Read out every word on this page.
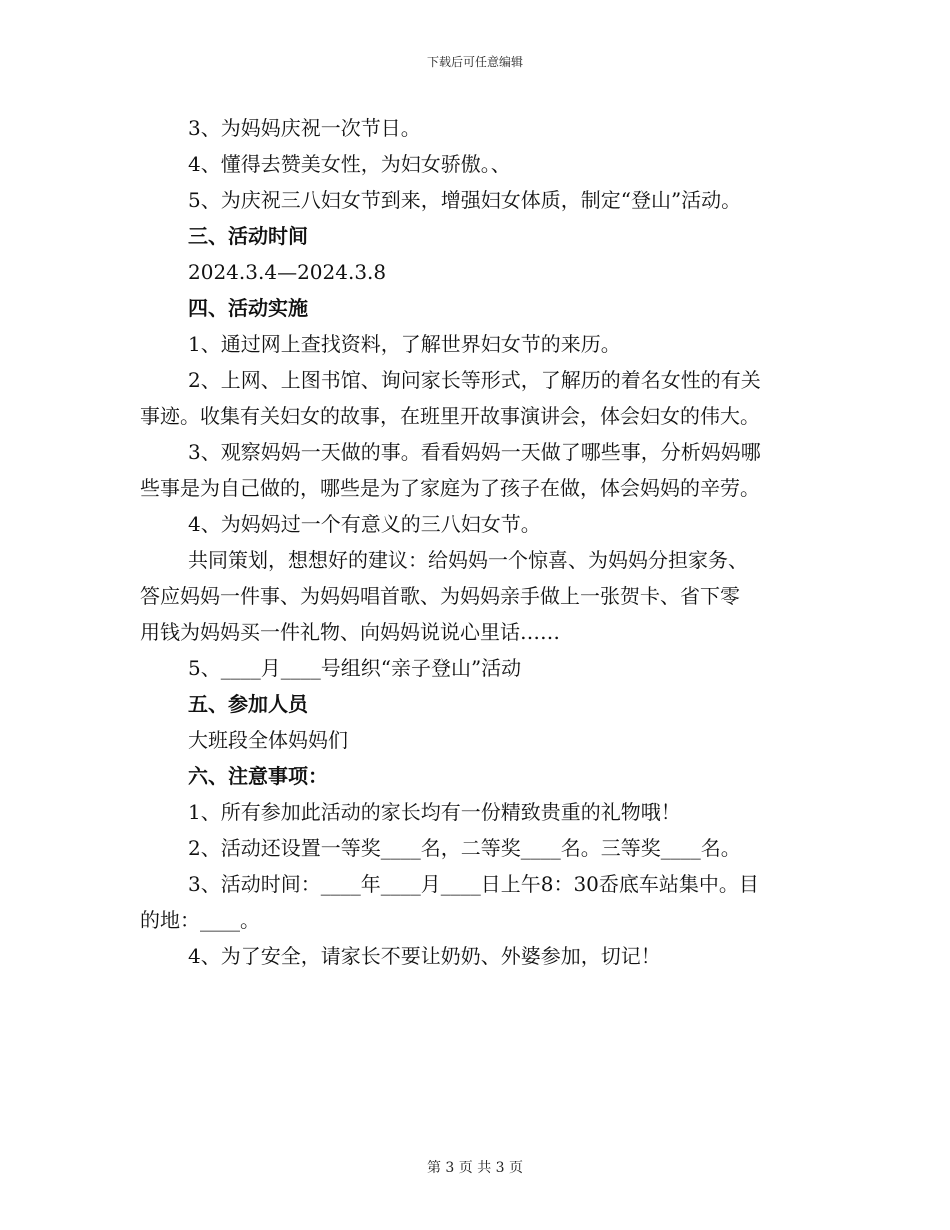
下载后可任意编辑

3、为妈妈庆祝一次节日。

4、懂得去赞美女性，为妇女骄傲。、

5、为庆祝三八妇女节到来，增强妇女体质，制定“登山”活动。

三、活动时间

2024.3.4—2024.3.8

四、活动实施

1、通过网上查找资料，了解世界妇女节的来历。

2、上网、上图书馆、询问家长等形式，了解历的着名女性的有关

事迹。收集有关妇女的故事，在班里开故事演讲会，体会妇女的伟大。

3、观察妈妈一天做的事。看看妈妈一天做了哪些事，分析妈妈哪

些事是为自己做的，哪些是为了家庭为了孩子在做，体会妈妈的辛劳。

4、为妈妈过一个有意义的三八妇女节。

共同策划，想想好的建议：给妈妈一个惊喜、为妈妈分担家务、

答应妈妈一件事、为妈妈唱首歌、为妈妈亲手做上一张贺卡、省下零

用钱为妈妈买一件礼物、向妈妈说说心里话……

5、____月____号组织“亲子登山”活动

五、参加人员

大班段全体妈妈们

六、注意事项：

1、所有参加此活动的家长均有一份精致贵重的礼物哦！

2、活动还设置一等奖____名，二等奖____名。三等奖____名。

3、活动时间：____年____月____日上午8：30岙底车站集中。目

的地：____。

4、为了安全，请家长不要让奶奶、外婆参加，切记！

第 3 页 共 3 页
